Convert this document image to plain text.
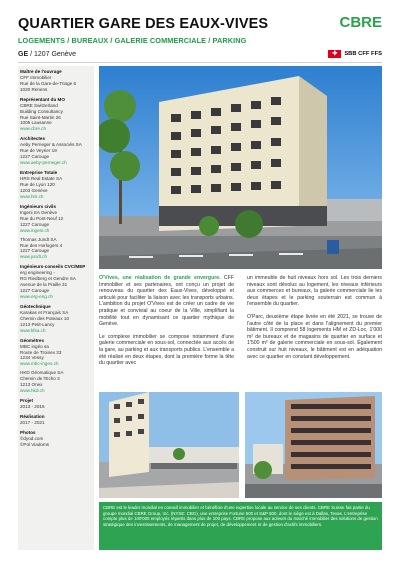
QUARTIER GARE DES EAUX-VIVES	CBRE
LOGEMENTS / BUREAUX / GALERIE COMMERCIALE / PARKING
GE / 1207 Genève	✚	SBB CFF FFS
Maître de l'ouvrage
CFF Immobilier
Rue de la Gare-de-Triage 6
1020 Renens
Représentant du MO
CBRE Switzerland
Building Consultancy
Rue Saint-Martin 26
1005 Lausanne
www.cbre.ch
Architectes
Aeby Perneger & Associés SA
Rue de Veyrier 19
1227 Carouge
www.aeby-perneger.ch
Entreprise Totale
HRS Real Estate SA
Rue de Lyon 120
1203 Genève
www.hrs.ch
Ingénieurs civils
Ingeni SA Genève
Rue du Pont-Neuf 12
1227 Carouge
www.ingeni.ch
Thomas Jundt SA
Rue des Horlogers 4
1227 Carouge
www.jundt.ch
Ingénieurs-conseils CVC/MEP
erg engineering -
RG Riedberg et Gendre SA
Avenue de la Praille 31
1227 Carouge
www.erg-eng.ch
Géotechnique
Karakas et Français SA
Chemin des Poteaux 10
1213 Petit-Lancy
www.kfsa.ch
Géomètres
MBC ingéo sa
Route de Troinex 33
1234 Vessy
www.mbc-ingeo.ch
HKD Géomatique SA
Chemin de l'Echo 3
1213 Onex
www.hkd.ch
Projet
2013 - 2016
Réalisation
2017 - 2021
Photos
©dyod.com
©Pol Viadoms

O'Vives, une réalisation de grande envergure. CFF Immobilier et ses partenaires, ont conçu un projet de renouveau du quartier des Eaux-Vives, développé et articulé pour faciliter la liaison avec les transports urbains. L'ambition du projet O'Vives est de créer un cadre de vie pratique et convivial au coeur de la Ville, simplifiant la mobilité tout en dynamisant ce quartier mythique de Genève.

Le complexe immobilier se compose notamment d'une galerie commerciale en sous-sol, connectée aux accès de la gare, au parking et aux transports publics. L'ensemble a été réalisé en deux étapes, dont la première forme la tête du quartier avec

un immeuble de huit niveaux hors sol. Les trois derniers niveaux sont dévolus au logement, les niveaux inférieurs aux commerces et bureaux, la galerie commerciale lie les deux étapes et le parking souterrain est commun à l'ensemble du quartier.

O'Parc, deuxième étape livrée en été 2021, se trouve de l'autre côté de la place et dans l'alignement du premier bâtiment. Il comprend 58 logements HM et ZD-Loc, 1'000 m² de bureaux et de magasins de quartier en surface et 1'500 m² de galerie commerciale en sous-sol. Également construit sur huit niveaux, le bâtiment est en adéquation avec ce quartier en constant développement.

CBRE est le leader mondial en conseil immobilier et bénéficie d'une expertise locale au service de ses clients. CBRE Suisse fait partie du groupe mondial CBRE Group, Inc. (NYSE: CBG), une entreprise Fortune 500 et S&P 500, dont le siège est à Dallas, Texas. L'entreprise compte plus de 100'000 employés répartis dans plus de 100 pays. CBRE propose aux acteurs du marché immobilier des solutions de gestion stratégique des investissements, de management de projet, de développement et de gestion d'actifs immobiliers.
